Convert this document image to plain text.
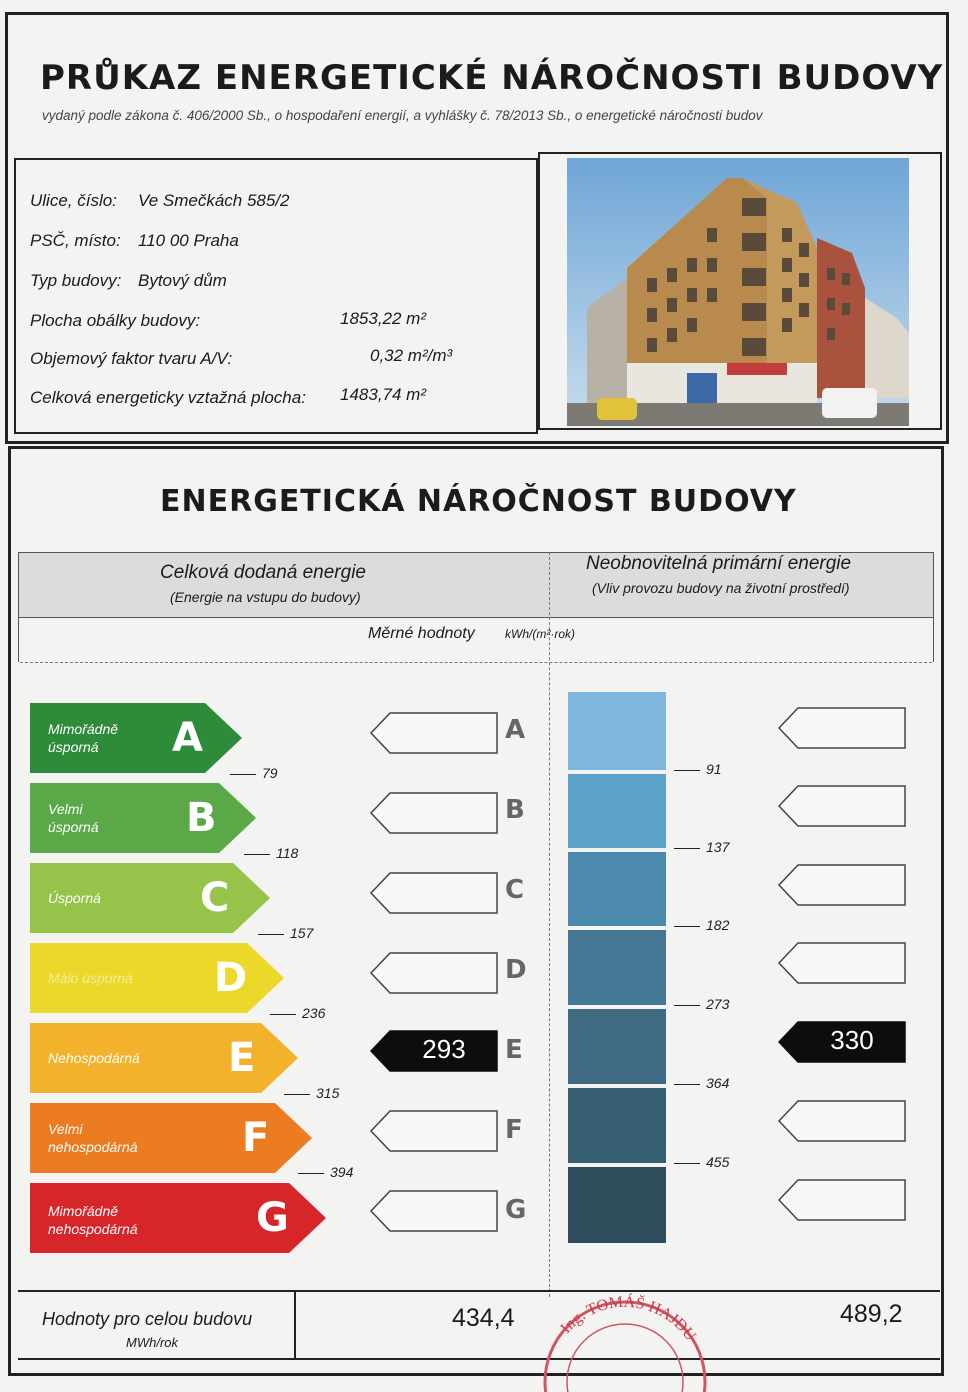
PRŮKAZ ENERGETICKÉ NÁROČNOSTI BUDOVY
vydaný podle zákona č. 406/2000 Sb., o hospodaření energií, a vyhlášky č. 78/2013 Sb., o energetické náročnosti budov
Ulice, číslo: Ve Smečkách 585/2
PSČ, místo: 110 00 Praha
Typ budovy: Bytový dům
Plocha obálky budovy:	1853,22 m²
Objemový faktor tvaru A/V:	0,32 m²/m³
Celková energeticky vztažná plocha: 1483,74 m²
ENERGETICKÁ NÁROČNOST BUDOVY
Celková dodaná energie
(Energie na vstupu do budovy)
Neobnovitelná primární energie
(Vliv provozu budovy na životní prostředí)
Měrné hodnoty	kWh/(m²·rok)
Mimořádně
úsporná A
Velmi
úsporná B
Úsporná C
Málo úsporná D
Nehospodárná E
Velmi
nehospodárná	F
Mimořádně
nehospodárná	G
79
118
157
236
315
394
293
A
B
C
D
E
F
G
91
137
182
273
364
455
330
Hodnoty pro celou budovu
MWh/rok
434,4	489,2
Ing. TOMÁŠ HAJDU
